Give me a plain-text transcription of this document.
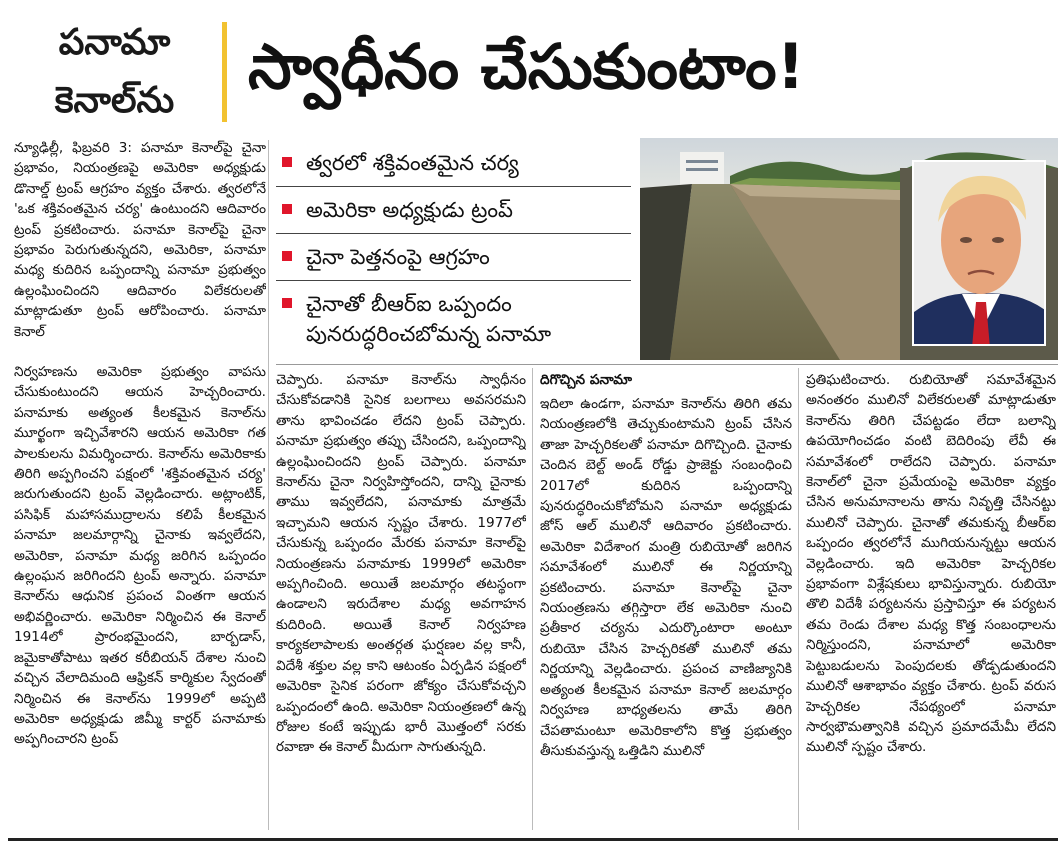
పనామా
కెనాల్‌ను	స్వాధీనం చేసుకుంటాం!

న్యూఢిల్లీ, ఫిబ్రవరి 3: పనామా కెనాల్‌పై చైనా ప్రభావం, నియంత్రణపై అమెరికా అధ్యక్షుడు డొనాల్డ్ ట్రంప్ ఆగ్రహం వ్యక్తం చేశారు. త్వరలోనే 'ఒక శక్తివంతమైన చర్య' ఉంటుందని ఆదివారం ట్రంప్ ప్రకటించారు. పనామా కెనాల్‌పై చైనా ప్రభావం పెరుగుతున్నదని, అమెరికా, పనామా మధ్య కుదిరిన ఒప్పందాన్ని పనామా ప్రభుత్వం ఉల్లంఘించిందని ఆదివారం విలేకరులతో మాట్లాడుతూ ట్రంప్ ఆరోపించారు. పనామా కెనాల్

త్వరలో శక్తివంతమైన చర్య
అమెరికా అధ్యక్షుడు ట్రంప్
చైనా పెత్తనంపై ఆగ్రహం
చైనాతో బీఆర్‌ఐ ఒప్పందం పునరుద్ధరించబోమన్న పనామా

నిర్వహణను అమెరికా ప్రభుత్వం వాపసు చేసుకుంటుందని ఆయన హెచ్చరించారు. పనామాకు అత్యంత కీలకమైన కెనాల్‌ను మూర్ఖంగా ఇచ్చివేశారని ఆయన అమెరికా గత పాలకులను విమర్శించారు. కెనాల్‌ను అమెరికాకు తిరిగి అప్పగించని పక్షంలో 'శక్తివంతమైన చర్య' జరుగుతుందని ట్రంప్ వెల్లడించారు. అట్లాంటిక్, పసిఫిక్ మహాసముద్రాలను కలిపే కీలకమైన పనామా జలమార్గాన్ని చైనాకు ఇవ్వలేదని, అమెరికా, పనామా మధ్య జరిగిన ఒప్పందం ఉల్లంఘన జరిగిందని ట్రంప్ అన్నారు. పనామా కెనాల్‌ను ఆధునిక ప్రపంచ వింతగా ఆయన అభివర్ణించారు. అమెరికా నిర్మించిన ఈ కెనాల్ 1914లో ప్రారంభమైందని, బార్బడాస్, జమైకాతోపాటు ఇతర కరీబియన్ దేశాల నుంచి వచ్చిన వేలాదిమంది ఆఫ్రికన్ కార్మికుల స్వేదంతో నిర్మించిన ఈ కెనాల్‌ను 1999లో అప్పటి అమెరికా అధ్యక్షుడు జిమ్మీ కార్టర్ పనామాకు అప్పగించారని ట్రంప్

చెప్పారు. పనామా కెనాల్‌ను స్వాధీనం చేసుకోవడానికి సైనిక బలగాలు అవసరమని తాను భావించడం లేదని ట్రంప్ చెప్పారు. పనామా ప్రభుత్వం తప్పు చేసిందని, ఒప్పందాన్ని ఉల్లంఘించిందని ట్రంప్ చెప్పారు. పనామా కెనాల్‌ను చైనా నిర్వహిస్తోందని, దాన్ని చైనాకు తాము ఇవ్వలేదని, పనామాకు మాత్రమే ఇచ్చామని ఆయన స్పష్టం చేశారు. 1977లో చేసుకున్న ఒప్పందం మేరకు పనామా కెనాల్‌పై నియంత్రణను పనామాకు 1999లో అమెరికా అప్పగించింది. అయితే జలమార్గం తటస్థంగా ఉండాలని ఇరుదేశాల మధ్య అవగాహన కుదిరింది. అయితే కెనాల్ నిర్వహణ కార్యకలాపాలకు అంతర్గత ఘర్షణల వల్ల కానీ, విదేశీ శక్తుల వల్ల కాని ఆటంకం ఏర్పడిన పక్షంలో అమెరికా సైనిక పరంగా జోక్యం చేసుకోవచ్చని ఒప్పందంలో ఉంది. అమెరికా నియంత్రణలో ఉన్న రోజుల కంటే ఇప్పుడు భారీ మొత్తంలో సరకు రవాణా ఈ కెనాల్ మీదుగా సాగుతున్నది.

దిగొచ్చిన పనామా

ఇదిలా ఉండగా, పనామా కెనాల్‌ను తిరిగి తమ నియంత్రణలోకి తెచ్చుకుంటామని ట్రంప్ చేసిన తాజా హెచ్చరికలతో పనామా దిగొచ్చింది. చైనాకు చెందిన బెల్ట్ అండ్ రోడ్డు ప్రాజెక్టు సంబంధించి 2017లో కుదిరిన ఒప్పందాన్ని పునరుద్ధరించుకోబోమని పనామా అధ్యక్షుడు జోస్ ఆల్ ములినో ఆదివారం ప్రకటించారు. అమెరికా విదేశాంగ మంత్రి రుబియోతో జరిగిన సమావేశంలో ములినో ఈ నిర్ణయాన్ని ప్రకటించారు. పనామా కెనాల్‌పై చైనా నియంత్రణను తగ్గిస్తారా లేక అమెరికా నుంచి ప్రతీకార చర్యను ఎదుర్కొంటారా అంటూ రుబియో చేసిన హెచ్చరికతో ములినో తమ నిర్ణయాన్ని వెల్లడించారు. ప్రపంచ వాణిజ్యానికి అత్యంత కీలకమైన పనామా కెనాల్ జలమార్గం నిర్వహణ బాధ్యతలను తామే తిరిగి చేపతామంటూ అమెరికాలోని కొత్త ప్రభుత్వం తీసుకువస్తున్న ఒత్తిడిని ములినో

ప్రతిఘటించారు. రుబియోతో సమావేశమైన అనంతరం ములినో విలేకరులతో మాట్లాడుతూ కెనాల్‌ను తిరిగి చేపట్టడం లేదా బలాన్ని ఉపయోగించడం వంటి బెదిరింపు లేవీ ఈ సమావేశంలో రాలేదని చెప్పారు. పనామా కెనాల్‌లో చైనా ప్రమేయంపై అమెరికా వ్యక్తం చేసిన అనుమానాలను తాను నివృత్తి చేసినట్టు ములినో చెప్పారు. చైనాతో తమకున్న బీఆర్‌ఐ ఒప్పందం త్వరలోనే ముగియనున్నట్టు ఆయన వెల్లడించారు. ఇది అమెరికా హెచ్చరికల ప్రభావంగా విశ్లేషకులు భావిస్తున్నారు. రుబియో తొలి విదేశీ పర్యటనను ప్రస్తావిస్తూ ఈ పర్యటన తమ రెండు దేశాల మధ్య కొత్త సంబంధాలను నిర్మిస్తుందని, పనామాలో అమెరికా పెట్టుబడులను పెంపుదలకు తోడ్పడుతుందని ములినో ఆశాభావం వ్యక్తం చేశారు. ట్రంప్ వరుస హెచ్చరికల నేపథ్యంలో పనామా సార్వభౌమత్వానికి వచ్చిన ప్రమాదమేమీ లేదని ములినో స్పష్టం చేశారు.
